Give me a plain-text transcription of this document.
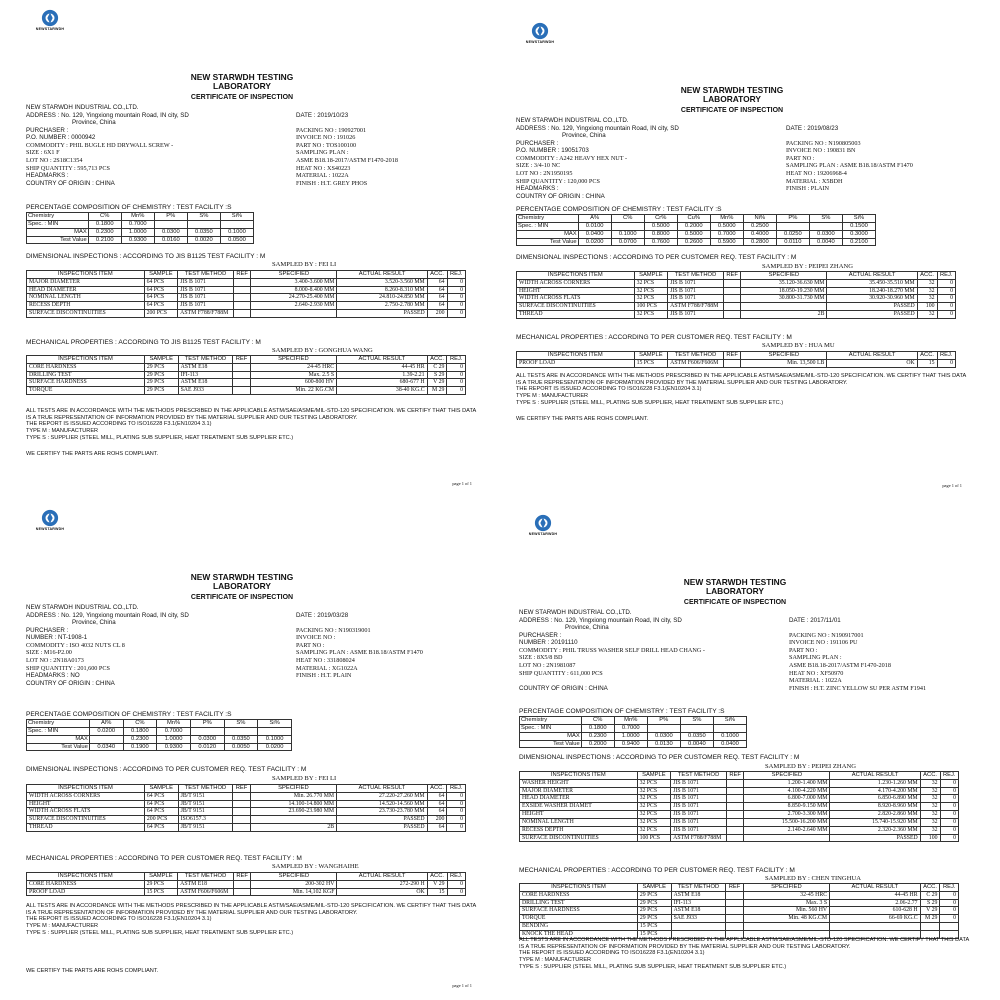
NEWSTARWDH
NEW STARWDH TESTING
LABORATORY
CERTIFICATE OF INSPECTION
NEW STARWDH INDUSTRIAL CO.,LTD.
ADDRESS : No. 129, Yingxiong mountain Road, IN city, SD	DATE : 2019/10/23
Province, China
PURCHASER :	PACKING NO : 190927001
P.O. NUMBER : 0000942	INVOICE NO : 191026
COMMODITY : PHIL BUGLE HD DRYWALL SCREW -	PART NO : TOS100100
SIZE : 6X1 F	SAMPLING PLAN :
LOT NO : 2S18C1354	ASME B18.18-2017/ASTM F1470-2018
SHIP QUANTITY : 595,713 PCS	HEAT NO : XS40223
HEADMARKS :	MATERIAL : 1022A
COUNTRY OF ORIGIN : CHINA	FINISH : H.T. GREY PHOS
PERCENTAGE COMPOSITION OF CHEMISTRY : TEST FACILITY :S
Chemistry	C%	Mn%	P%	S%	Si%
Spec. : MIN	0.1800	0.7000			
MAX	0.2300	1.0000	0.0300	0.0350	0.1000
Test Value	0.2100	0.9300	0.0160	0.0020	0.0500
DIMENSIONAL INSPECTIONS : ACCORDING TO JIS B1125 TEST FACILITY : M
SAMPLED BY : FEI LI
INSPECTIONS ITEM	SAMPLE	TEST METHOD	REF	SPECIFIED	ACTUAL RESULT	ACC.	REJ.
MAJOR DIAMETER	64 PCS	JIS B 1071		3.400-3.600 MM	3.520-3.560 MM	64	0
HEAD DIAMETER	64 PCS	JIS B 1071		8.000-8.400 MM	8.260-8.310 MM	64	0
NOMINAL LENGTH	64 PCS	JIS B 1071		24.270-25.400 MM	24.810-24.850 MM	64	0
RECESS DEPTH	64 PCS	JIS B 1071		2.640-2.930 MM	2.750-2.780 MM	64	0
SURFACE DISCONTINUITIES	200 PCS	ASTM F788/F788M			PASSED	200	0
MECHANICAL PROPERTIES : ACCORDING TO JIS B1125 TEST FACILITY : M
SAMPLED BY : GONGHUA WANG
INSPECTIONS ITEM	SAMPLE	TEST METHOD	REF	SPECIFIED	ACTUAL RESULT	ACC.	REJ.
CORE HARDNESS	29 PCS	ASTM E18		24-45 HRC	44-45 HR	C 29	0
DRILLING TEST	29 PCS	IFI-113		Max. 2.5 S	1.39-2.21	S 29	0
SURFACE HARDNESS	29 PCS	ASTM E18		600-800 HV	680-677 H	V 29	0
TORQUE	29 PCS	SAE J933		Min. 22 KG.CM	38-40 KG.C	M 29	0
ALL TESTS ARE IN ACCORDANCE WITH THE METHODS PRESCRIBED IN THE APPLICABLE ASTM/SAE/ASME/MIL-STD-120 SPECIFICATION. WE CERTIFY THAT THIS DATA IS A TRUE REPRESENTATION OF INFORMATION PROVIDED BY THE MATERIAL SUPPLIER AND OUR TESTING LABORATORY.
THE REPORT IS ISSUED ACCORDING TO ISO16228 F3.1(EN10204 3.1)
TYPE M : MANUFACTURER
TYPE S : SUPPLIER (STEEL MILL, PLATING SUB SUPPLIER, HEAT TREATMENT SUB SUPPLIER ETC.)
WE CERTIFY THE PARTS ARE ROHS COMPLIANT.
page 1 of 1
NEWSTARWDH
NEW STARWDH TESTING
LABORATORY
CERTIFICATE OF INSPECTION
NEW STARWDH INDUSTRIAL CO.,LTD.
ADDRESS : No. 129, Yingxiong mountain Road, IN city, SD	DATE : 2019/08/23
Province, China
PURCHASER :	PACKING NO : N190805003
P.O. NUMBER : 19051703	INVOICE NO : 190831 BN
COMMODITY : A242 HEAVY HEX NUT -	PART NO :
SIZE : 3/4-10 NC	SAMPLING PLAN : ASME B18.18/ASTM F1470
LOT NO : 2N1950195	HEAT NO : 19206968-4
SHIP QUANTITY : 120,000 PCS	MATERIAL : X5BDH
HEADMARKS :	FINISH : PLAIN
COUNTRY OF ORIGIN : CHINA
PERCENTAGE COMPOSITION OF CHEMISTRY : TEST FACILITY :S
Chemistry	A%	C%	Cr%	Cu%	Mn%	Ni%	P%	S%	Si%
Spec. : MIN	0.0100		0.5000	0.2000	0.5000	0.2500			0.1500
MAX	0.0400	0.1000	0.8000	0.5000	0.7000	0.4000	0.0250	0.0300	0.3000
Test Value	0.0200	0.0700	0.7600	0.2600	0.5900	0.2800	0.0110	0.0040	0.2100
DIMENSIONAL INSPECTIONS : ACCORDING TO PER CUSTOMER REQ. TEST FACILITY : M
SAMPLED BY : PEIPEI ZHANG
INSPECTIONS ITEM	SAMPLE	TEST METHOD	REF	SPECIFIED	ACTUAL RESULT	ACC.	REJ.
WIDTH ACROSS CORNERS	32 PCS	JIS B 1071		35.120-36.630 MM	35.450-35.510 MM	32	0
HEIGHT	32 PCS	JIS B 1071		18.050-19.230 MM	18.240-18.270 MM	32	0
WIDTH ACROSS FLATS	32 PCS	JIS B 1071		30.800-31.730 MM	30.920-30.960 MM	32	0
SURFACE DISCONTINUITIES	100 PCS	ASTM F788/F788M			PASSED	100	0
THREAD	32 PCS	JIS B 1071		2B	PASSED	32	0
MECHANICAL PROPERTIES : ACCORDING TO PER CUSTOMER REQ. TEST FACILITY : M
SAMPLED BY : HUA MU
INSPECTIONS ITEM	SAMPLE	TEST METHOD	REF	SPECIFIED	ACTUAL RESULT	ACC.	REJ.
PROOF LOAD	15 PCS	ASTM F606/F606M		Min. 13,500 LB	OK	15	0
ALL TESTS ARE IN ACCORDANCE WITH THE METHODS PRESCRIBED IN THE APPLICABLE ASTM/SAE/ASME/MIL-STD-120 SPECIFICATION. WE CERTIFY THAT THIS DATA IS A TRUE REPRESENTATION OF INFORMATION PROVIDED BY THE MATERIAL SUPPLIER AND OUR TESTING LABORATORY.
THE REPORT IS ISSUED ACCORDING TO ISO16228 F3.1(EN10204 3.1)
TYPE M : MANUFACTURER
TYPE S : SUPPLIER (STEEL MILL, PLATING SUB SUPPLIER, HEAT TREATMENT SUB SUPPLIER ETC.)
WE CERTIFY THE PARTS ARE ROHS COMPLIANT.
page 1 of 1
NEWSTARWDH
NEW STARWDH TESTING
LABORATORY
CERTIFICATE OF INSPECTION
NEW STARWDH INDUSTRIAL CO.,LTD.
ADDRESS : No. 129, Yingxiong mountain Road, IN city, SD	DATE : 2019/03/28
Province, China
PURCHASER :	PACKING NO : N190319001
NUMBER : NT-1908-1	INVOICE NO :
COMMODITY : ISO 4032 NUTS CL 8	PART NO :
SIZE : M16-P2.00	SAMPLING PLAN : ASME B18.18/ASTM F1470
LOT NO : 2N18A0173	HEAT NO : 331808024
SHIP QUANTITY : 201,600 PCS	MATERIAL : XG1022A
HEADMARKS : NO	FINISH : H.T. PLAIN
COUNTRY OF ORIGIN : CHINA
PERCENTAGE COMPOSITION OF CHEMISTRY : TEST FACILITY :S
Chemistry	Al%	C%	Mn%	P%	S%	Si%
Spec. : MIN	0.0200	0.1800	0.7000			
MAX		0.2300	1.0000	0.0300	0.0350	0.1000
Test Value	0.0340	0.1900	0.9300	0.0120	0.0050	0.0200
DIMENSIONAL INSPECTIONS : ACCORDING TO PER CUSTOMER REQ. TEST FACILITY : M
SAMPLED BY : FEI LI
INSPECTIONS ITEM	SAMPLE	TEST METHOD	REF	SPECIFIED	ACTUAL RESULT	ACC.	REJ.
WIDTH ACROSS CORNERS	64 PCS	JB/T 9151		Min. 26.770 MM	27.220-27.260 MM	64	0
HEIGHT	64 PCS	JB/T 9151		14.100-14.800 MM	14.520-14.560 MM	64	0
WIDTH ACROSS FLATS	64 PCS	JB/T 9151		23.690-23.980 MM	23.730-23.780 MM	64	0
SURFACE DISCONTINUITIES	200 PCS	ISO6157.3			PASSED	200	0
THREAD	64 PCS	JB/T 9151		2B	PASSED	64	0
MECHANICAL PROPERTIES : ACCORDING TO PER CUSTOMER REQ. TEST FACILITY : M
SAMPLED BY : WANGHAIHE
INSPECTIONS ITEM	SAMPLE	TEST METHOD	REF	SPECIFIED	ACTUAL RESULT	ACC.	REJ.
CORE HARDNESS	29 PCS	ASTM E18		200-302 HV	272-290 H	V 29	0
PROOF LOAD	15 PCS	ASTM F606/F606M		Min. 14,102 KGF	OK	15	0
ALL TESTS ARE IN ACCORDANCE WITH THE METHODS PRESCRIBED IN THE APPLICABLE ASTM/SAE/ASME/MIL-STD-120 SPECIFICATION. WE CERTIFY THAT THIS DATA IS A TRUE REPRESENTATION OF INFORMATION PROVIDED BY THE MATERIAL SUPPLIER AND OUR TESTING LABORATORY.
THE REPORT IS ISSUED ACCORDING TO ISO16228 F3.1(EN10204 3.1)
TYPE M : MANUFACTURER
TYPE S : SUPPLIER (STEEL MILL, PLATING SUB SUPPLIER, HEAT TREATMENT SUB SUPPLIER ETC.)
WE CERTIFY THE PARTS ARE ROHS COMPLIANT.
page 1 of 1
NEWSTARWDH
NEW STARWDH TESTING
LABORATORY
CERTIFICATE OF INSPECTION
NEW STARWDH INDUSTRIAL CO.,LTD.
ADDRESS : No. 129, Yingxiong mountain Road, IN city, SD	DATE : 2017/11/01
Province, China
PURCHASER :	PACKING NO : N190917001
NUMBER : 20191110	INVOICE NO : 191106 PU
COMMODITY : PHIL TRUSS WASHER SELF DRILL HEAD CHANG -	PART NO :
SIZE : 8X5/8 BD	SAMPLING PLAN :
LOT NO : 2N1981087	ASME B18.18-2017/ASTM F1470-2018
SHIP QUANTITY : 611,000 PCS	HEAT NO : XF50970
MATERIAL : 1022A
COUNTRY OF ORIGIN : CHINA	FINISH : H.T. ZINC YELLOW SU PER ASTM F1941
PERCENTAGE COMPOSITION OF CHEMISTRY : TEST FACILITY :S
Chemistry	C%	Mn%	P%	S%	Si%
Spec. : MIN	0.1800	0.7000			
MAX	0.2300	1.0000	0.0300	0.0350	0.1000
Test Value	0.2000	0.9400	0.0130	0.0040	0.0400
DIMENSIONAL INSPECTIONS : ACCORDING TO PER CUSTOMER REQ. TEST FACILITY : M
SAMPLED BY : PEIPEI ZHANG
INSPECTIONS ITEM	SAMPLE	TEST METHOD	REF	SPECIFIED	ACTUAL RESULT	ACC.	REJ.
WASHER HEIGHT	32 PCS	JIS B 1071		1.200-1.400 MM	1.230-1.260 MM	32	0
MAJOR DIAMETER	32 PCS	JIS B 1071		4.100-4.220 MM	4.170-4.200 MM	32	0
HEAD DIAMETER	32 PCS	JIS B 1071		6.800-7.000 MM	6.850-6.890 MM	32	0
EXSIDE WASHER DIAMET	32 PCS	JIS B 1071		8.850-9.150 MM	8.920-8.960 MM	32	0
HEIGHT	32 PCS	JIS B 1071		2.700-3.300 MM	2.820-2.860 MM	32	0
NOMINAL LENGTH	32 PCS	JIS B 1071		15.500-16.200 MM	15.740-15.920 MM	32	0
RECESS DEPTH	32 PCS	JIS B 1071		2.140-2.640 MM	2.320-2.360 MM	32	0
SURFACE DISCONTINUITIES	100 PCS	ASTM F788/F788M			PASSED	100	0
MECHANICAL PROPERTIES : ACCORDING TO PER CUSTOMER REQ. TEST FACILITY : M
SAMPLED BY : CHEN TINGHUA
INSPECTIONS ITEM	SAMPLE	TEST METHOD	REF	SPECIFIED	ACTUAL RESULT	ACC.	REJ.
CORE HARDNESS	29 PCS	ASTM E18		32-45 HRC	44-45 HR	C 29	0
DRILLING TEST	29 PCS	IFI-113		Max. 3 S	2.06-2.77	S 29	0
SURFACE HARDNESS	29 PCS	ASTM E18		Min. 560 HV	610-628 H	V 29	0
TORQUE	29 PCS	SAE J933		Min. 48 KG.CM	66-69 KG.C	M 29	0
BENDING	15 PCS						
KNOCK THE HEAD	15 PCS						
ALL TESTS ARE IN ACCORDANCE WITH THE METHODS PRESCRIBED IN THE APPLICABLE ASTM/SAE/ASME/MIL-STD-120 SPECIFICATION. WE CERTIFY THAT THIS DATA IS A TRUE REPRESENTATION OF INFORMATION PROVIDED BY THE MATERIAL SUPPLIER AND OUR TESTING LABORATORY.
THE REPORT IS ISSUED ACCORDING TO ISO16228 F3.1(EN10204 3.1)
TYPE M : MANUFACTURER
TYPE S : SUPPLIER (STEEL MILL, PLATING SUB SUPPLIER, HEAT TREATMENT SUB SUPPLIER ETC.)
